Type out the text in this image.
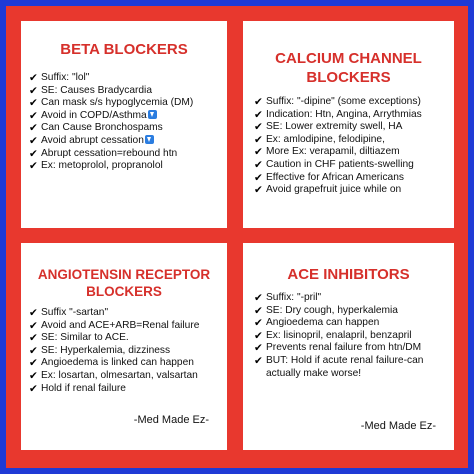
BETA BLOCKERS
✔ Suffix: "lol"
✔ SE: Causes Bradycardia
✔ Can mask s/s hypoglycemia (DM)
✔ Avoid in COPD/Asthma
✔ Can Cause Bronchospams
✔ Avoid abrupt cessation
✔ Abrupt cessation=rebound htn
✔ Ex: metoprolol, propranolol
CALCIUM CHANNEL BLOCKERS
✔ Suffix: "-dipine" (some exceptions)
✔ Indication: Htn, Angina, Arrythmias
✔ SE: Lower extremity swell, HA
✔ Ex: amlodipine, felodipine,
✔ More Ex: verapamil, diltiazem
✔ Caution in CHF patients-swelling
✔ Effective for African Americans
✔ Avoid grapefruit juice while on
ANGIOTENSIN RECEPTOR BLOCKERS
✔ Suffix "-sartan"
✔ Avoid and ACE+ARB=Renal failure
✔ SE: Similar to ACE.
✔ SE: Hyperkalemia, dizziness
✔ Angioedema is linked can happen
✔ Ex: losartan, olmesartan, valsartan
✔ Hold if renal failure
-Med Made Ez-
ACE INHIBITORS
✔ Suffix: "-pril"
✔ SE: Dry cough, hyperkalemia
✔ Angioedema can happen
✔ Ex: lisinopril, enalapril, benzapril
✔ Prevents renal failure from htn/DM
✔ BUT: Hold if acute renal failure-can actually make worse!
-Med Made Ez-
